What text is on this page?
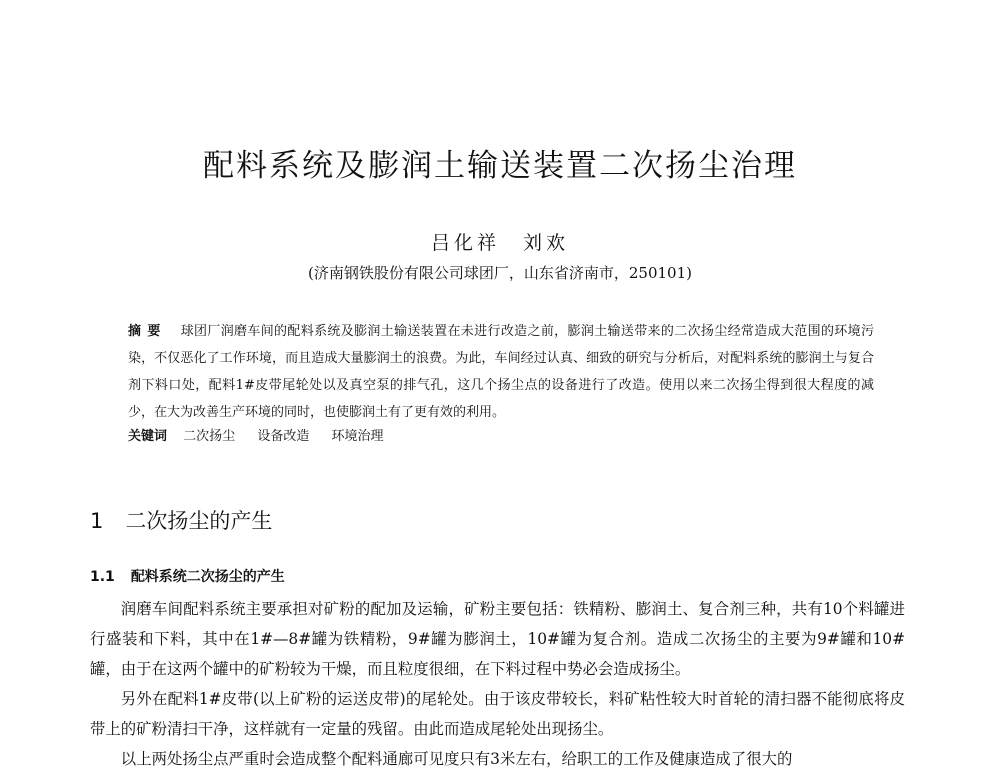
配料系统及膨润土输送装置二次扬尘治理
吕化祥　刘欢
(济南钢铁股份有限公司球团厂，山东省济南市，250101)
摘要 球团厂润磨车间的配料系统及膨润土输送装置在未进行改造之前，膨润土输送带来的二次扬尘经常造成大范围的环境污染，不仅恶化了工作环境，而且造成大量膨润土的浪费。为此，车间经过认真、细致的研究与分析后，对配料系统的膨润土与复合剂下料口处，配料1#皮带尾轮处以及真空泵的排气孔，这几个扬尘点的设备进行了改造。使用以来二次扬尘得到很大程度的减少，在大为改善生产环境的同时，也使膨润土有了更有效的利用。
关键词 二次扬尘 设备改造 环境治理
1 二次扬尘的产生
1.1 配料系统二次扬尘的产生

润磨车间配料系统主要承担对矿粉的配加及运输，矿粉主要包括：铁精粉、膨润土、复合剂三种，共有10个料罐进行盛装和下料，其中在1#—8#罐为铁精粉，9#罐为膨润土，10#罐为复合剂。造成二次扬尘的主要为9#罐和10#罐，由于在这两个罐中的矿粉较为干燥，而且粒度很细，在下料过程中势必会造成扬尘。

另外在配料1#皮带(以上矿粉的运送皮带)的尾轮处。由于该皮带较长，料矿粘性较大时首轮的清扫器不能彻底将皮带上的矿粉清扫干净，这样就有一定量的残留。由此而造成尾轮处出现扬尘。

以上两处扬尘点严重时会造成整个配料通廊可见度只有3米左右，给职工的工作及健康造成了很大的
